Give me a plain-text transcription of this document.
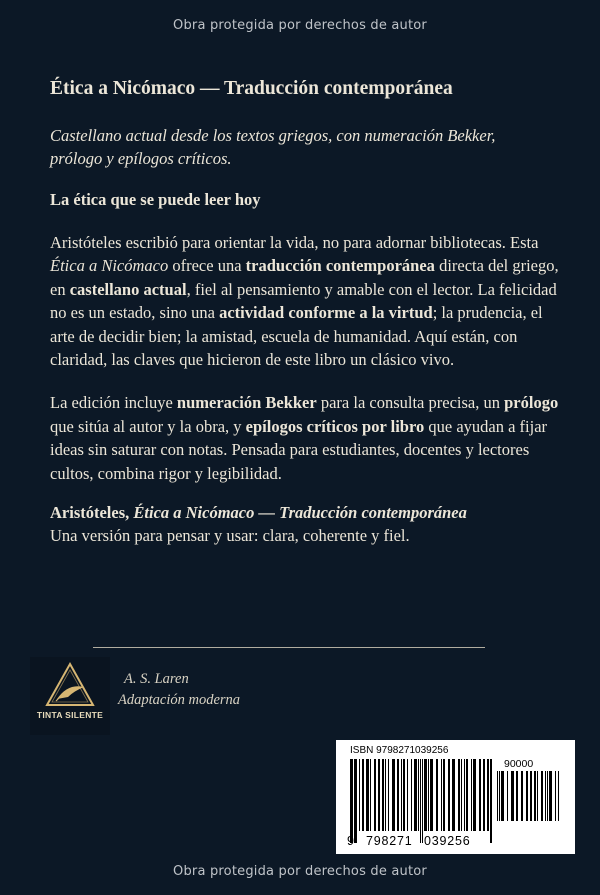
Obra protegida por derechos de autor
Ética a Nicómaco — Traducción contemporánea
Castellano actual desde los textos griegos, con numeración Bekker,
prólogo y epílogos críticos.
La ética que se puede leer hoy

Aristóteles escribió para orientar la vida, no para adornar bibliotecas. Esta Ética a Nicómaco ofrece una traducción contemporánea directa del griego, en castellano actual, fiel al pensamiento y amable con el lector. La felicidad no es un estado, sino una actividad conforme a la virtud; la prudencia, el arte de decidir bien; la amistad, escuela de humanidad. Aquí están, con claridad, las claves que hicieron de este libro un clásico vivo.

La edición incluye numeración Bekker para la consulta precisa, un prólogo que sitúa al autor y la obra, y epílogos críticos por libro que ayudan a fijar ideas sin saturar con notas. Pensada para estudiantes, docentes y lectores cultos, combina rigor y legibilidad.

Aristóteles, Ética a Nicómaco — Traducción contemporánea
Una versión para pensar y usar: clara, coherente y fiel.
TINTA SILENTE
A. S. Laren
Adaptación moderna
ISBN 9798271039256
90000
9 798271 039256
Obra protegida por derechos de autor
